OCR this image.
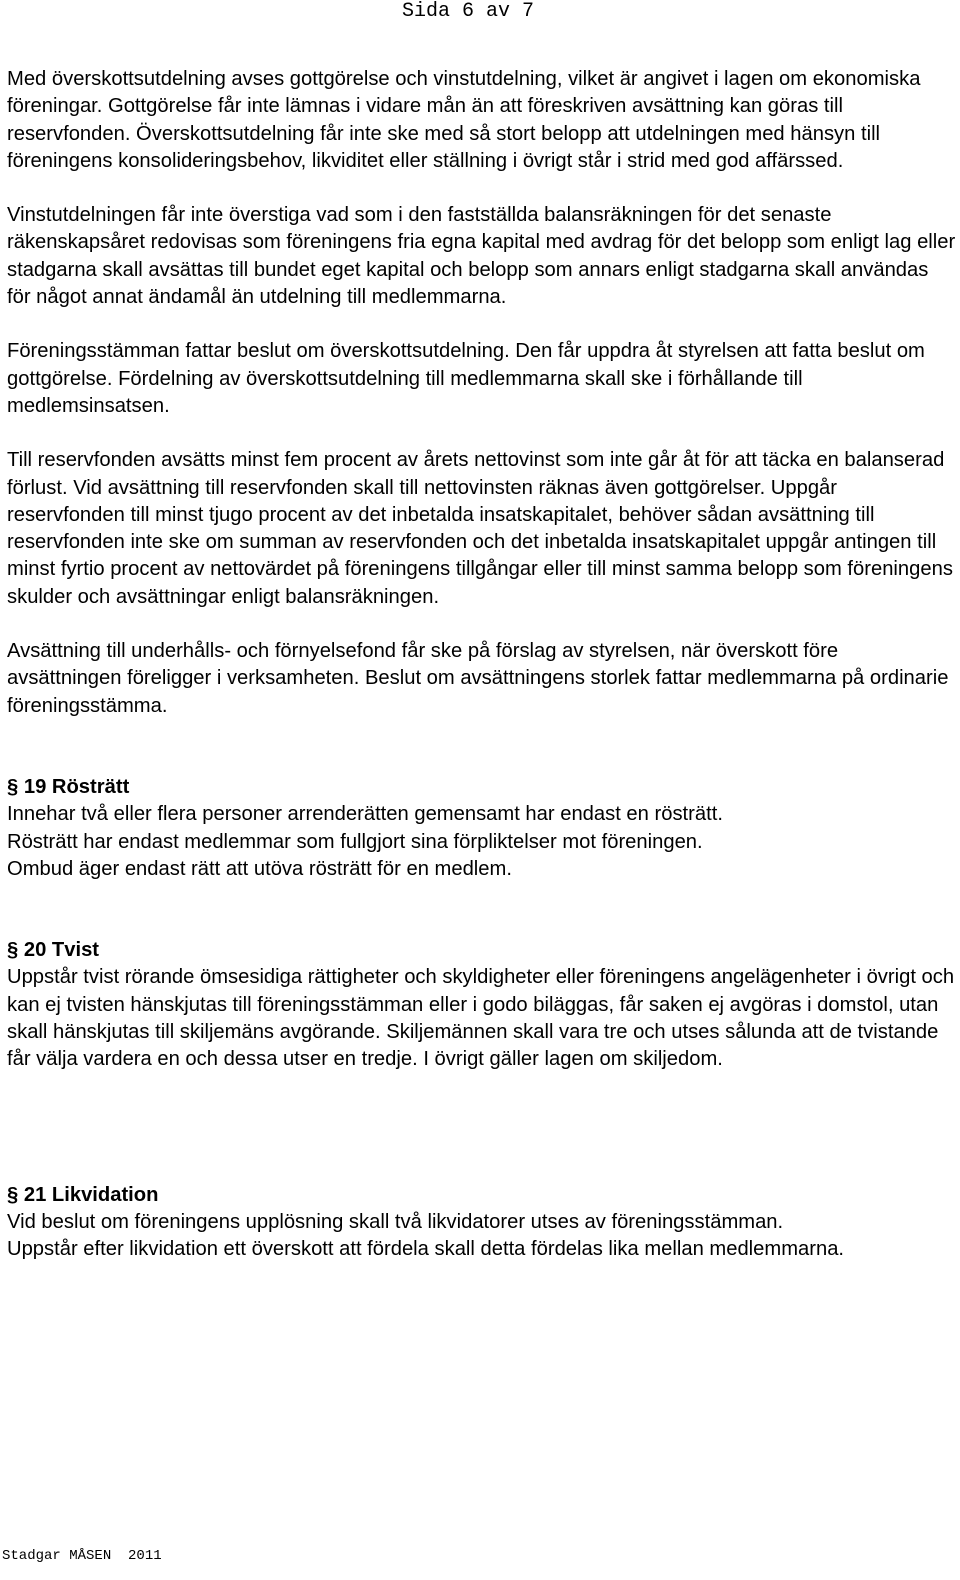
Sida 6 av 7

Med överskottsutdelning avses gottgörelse och vinstutdelning, vilket är angivet i lagen om ekonomiska föreningar. Gottgörelse får inte lämnas i vidare mån än att föreskriven avsättning kan göras till reservfonden. Överskottsutdelning får inte ske med så stort belopp att utdelningen med hänsyn till föreningens konsolideringsbehov, likviditet eller ställning i övrigt står i strid med god affärssed.

Vinstutdelningen får inte överstiga vad som i den fastställda balansräkningen för det senaste räkenskapsåret redovisas som föreningens fria egna kapital med avdrag för det belopp som enligt lag eller stadgarna skall avsättas till bundet eget kapital och belopp som annars enligt stadgarna skall användas för något annat ändamål än utdelning till medlemmarna.

Föreningsstämman fattar beslut om överskottsutdelning. Den får uppdra åt styrelsen att fatta beslut om gottgörelse. Fördelning av överskottsutdelning till medlemmarna skall ske i förhållande till medlemsinsatsen.

Till reservfonden avsätts minst fem procent av årets nettovinst som inte går åt för att täcka en balanserad förlust. Vid avsättning till reservfonden skall till nettovinsten räknas även gottgörelser. Uppgår reservfonden till minst tjugo procent av det inbetalda insatskapitalet, behöver sådan avsättning till reservfonden inte ske om summan av reservfonden och det inbetalda insatskapitalet uppgår antingen till minst fyrtio procent av nettovärdet på föreningens tillgångar eller till minst samma belopp som föreningens skulder och avsättningar enligt balansräkningen.

Avsättning till underhålls- och förnyelsefond får ske på förslag av styrelsen, när överskott före avsättningen föreligger i verksamheten. Beslut om avsättningens storlek fattar medlemmarna på ordinarie föreningsstämma.

§ 19 Rösträtt

Innehar två eller flera personer arrenderätten gemensamt har endast en rösträtt.

Rösträtt har endast medlemmar som fullgjort sina förpliktelser mot föreningen.

Ombud äger endast rätt att utöva rösträtt för en medlem.

§ 20 Tvist

Uppstår tvist rörande ömsesidiga rättigheter och skyldigheter eller föreningens angelägenheter i övrigt och kan ej tvisten hänskjutas till föreningsstämman eller i godo biläggas, får saken ej avgöras i domstol, utan skall hänskjutas till skiljemäns avgörande. Skiljemännen skall vara tre och utses sålunda att de tvistande får välja vardera en och dessa utser en tredje. I övrigt gäller lagen om skiljedom.

§ 21 Likvidation

Vid beslut om föreningens upplösning skall två likvidatorer utses av föreningsstämman.

Uppstår efter likvidation ett överskott att fördela skall detta fördelas lika mellan medlemmarna.

Stadgar MÅSEN  2011
